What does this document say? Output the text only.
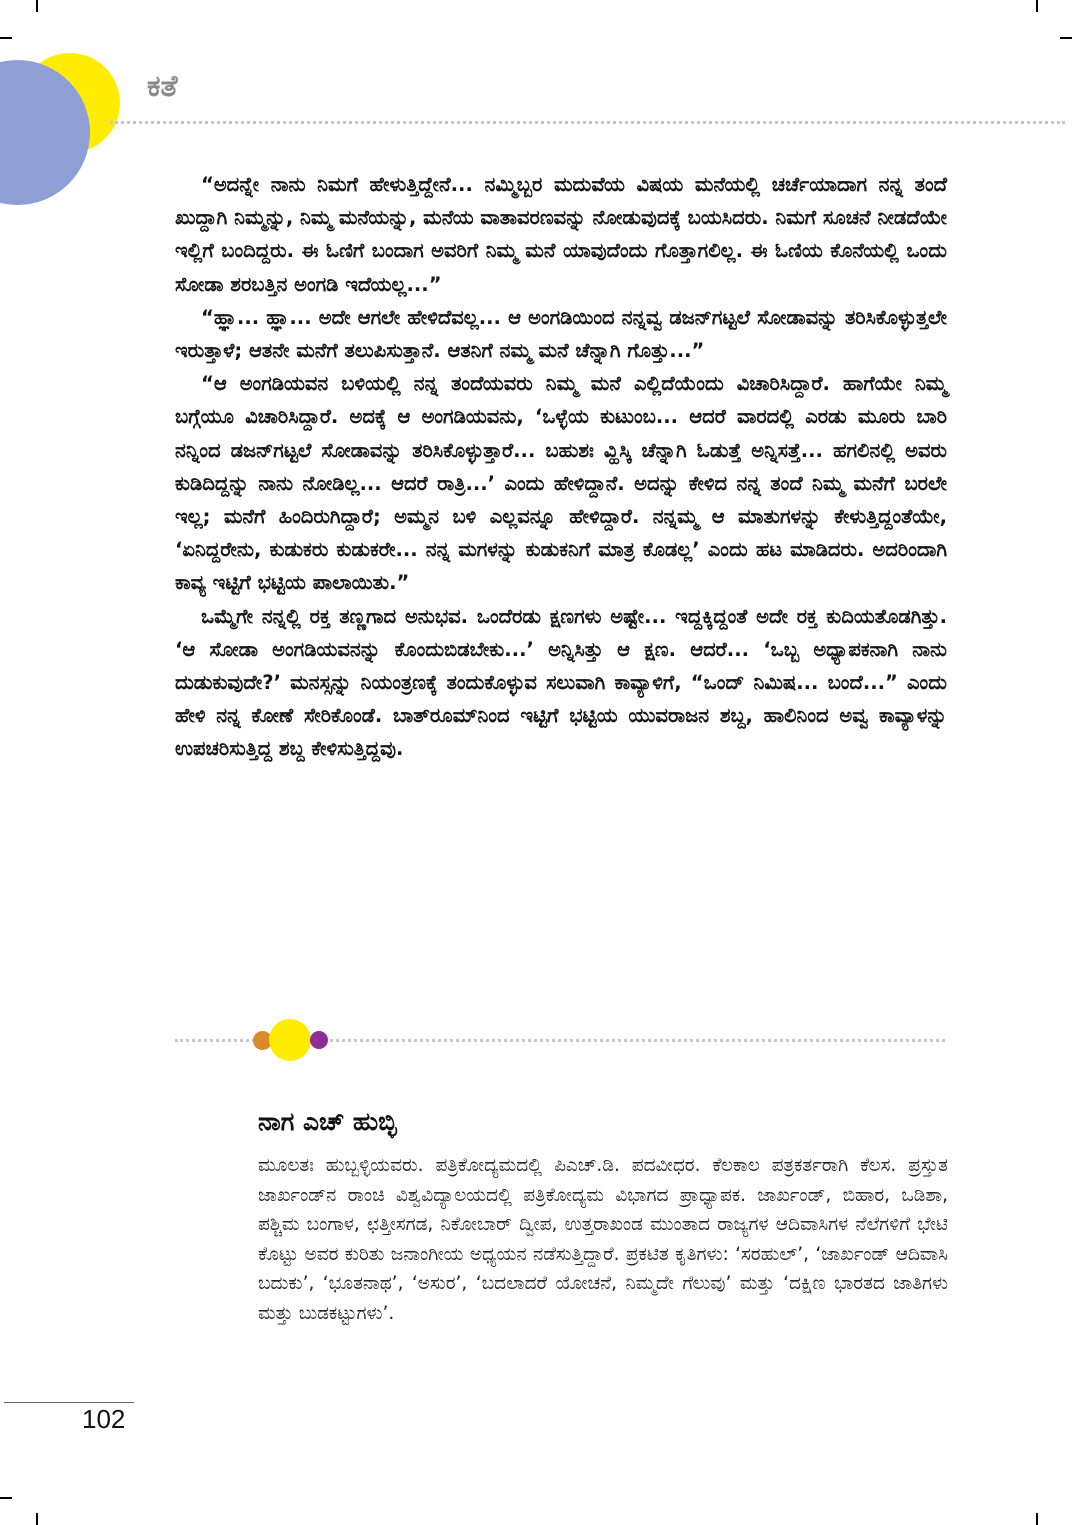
ಕತೆ

“ಅದನ್ನೇ ನಾನು ನಿಮಗೆ ಹೇಳುತ್ತಿದ್ದೇನೆ... ನಮ್ಮಿಬ್ಬರ ಮದುವೆಯ ವಿಷಯ ಮನೆಯಲ್ಲಿ ಚರ್ಚೆಯಾದಾಗ ನನ್ನ ತಂದೆ ಖುದ್ದಾಗಿ ನಿಮ್ಮನ್ನು, ನಿಮ್ಮ ಮನೆಯನ್ನು, ಮನೆಯ ವಾತಾವರಣವನ್ನು ನೋಡುವುದಕ್ಕೆ ಬಯಸಿದರು. ನಿಮಗೆ ಸೂಚನೆ ನೀಡದೆಯೇ ಇಲ್ಲಿಗೆ ಬಂದಿದ್ದರು. ಈ ಓಣಿಗೆ ಬಂದಾಗ ಅವರಿಗೆ ನಿಮ್ಮ ಮನೆ ಯಾವುದೆಂದು ಗೊತ್ತಾಗಲಿಲ್ಲ. ಈ ಓಣಿಯ ಕೊನೆಯಲ್ಲಿ ಒಂದು ಸೋಡಾ ಶರಬತ್ತಿನ ಅಂಗಡಿ ಇದೆಯಲ್ಲ...”

“ಹ್ಞಾ... ಹ್ಞಾ... ಅದೇ ಆಗಲೇ ಹೇಳಿದೆವಲ್ಲ... ಆ ಅಂಗಡಿಯಿಂದ ನನ್ನವ್ವ ಡಜನ್‌ಗಟ್ಟಲೆ ಸೋಡಾವನ್ನು ತರಿಸಿಕೊಳ್ಳುತ್ತಲೇ ಇರುತ್ತಾಳೆ; ಆತನೇ ಮನೆಗೆ ತಲುಪಿಸುತ್ತಾನೆ. ಆತನಿಗೆ ನಮ್ಮ ಮನೆ ಚೆನ್ನಾಗಿ ಗೊತ್ತು...”

“ಆ ಅಂಗಡಿಯವನ ಬಳಿಯಲ್ಲಿ ನನ್ನ ತಂದೆಯವರು ನಿಮ್ಮ ಮನೆ ಎಲ್ಲಿದೆಯೆಂದು ವಿಚಾರಿಸಿದ್ದಾರೆ. ಹಾಗೆಯೇ ನಿಮ್ಮ ಬಗ್ಗೆಯೂ ವಿಚಾರಿಸಿದ್ದಾರೆ. ಅದಕ್ಕೆ ಆ ಅಂಗಡಿಯವನು, ‘ಒಳ್ಳೆಯ ಕುಟುಂಬ... ಆದರೆ ವಾರದಲ್ಲಿ ಎರಡು ಮೂರು ಬಾರಿ ನನ್ನಿಂದ ಡಜನ್‌ಗಟ್ಟಲೆ ಸೋಡಾವನ್ನು ತರಿಸಿಕೊಳ್ಳುತ್ತಾರೆ... ಬಹುಶಃ ವ್ಹಿಸ್ಕಿ ಚೆನ್ನಾಗಿ ಓಡುತ್ತೆ ಅನ್ನಿಸತ್ತೆ... ಹಗಲಿನಲ್ಲಿ ಅವರು ಕುಡಿದಿದ್ದನ್ನು ನಾನು ನೋಡಿಲ್ಲ... ಆದರೆ ರಾತ್ರಿ...’ ಎಂದು ಹೇಳಿದ್ದಾನೆ. ಅದನ್ನು ಕೇಳಿದ ನನ್ನ ತಂದೆ ನಿಮ್ಮ ಮನೆಗೆ ಬರಲೇ ಇಲ್ಲ; ಮನೆಗೆ ಹಿಂದಿರುಗಿದ್ದಾರೆ; ಅಮ್ಮನ ಬಳಿ ಎಲ್ಲವನ್ನೂ ಹೇಳಿದ್ದಾರೆ. ನನ್ನಮ್ಮ ಆ ಮಾತುಗಳನ್ನು ಕೇಳುತ್ತಿದ್ದಂತೆಯೇ, ‘ಏನಿದ್ದರೇನು, ಕುಡುಕರು ಕುಡುಕರೇ... ನನ್ನ ಮಗಳನ್ನು ಕುಡುಕನಿಗೆ ಮಾತ್ರ ಕೊಡಲ್ಲ’ ಎಂದು ಹಟ ಮಾಡಿದರು. ಅದರಿಂದಾಗಿ ಕಾವ್ಯ ಇಟ್ಟಿಗೆ ಭಟ್ಟಿಯ ಪಾಲಾಯಿತು.”

ಒಮ್ಮೆಗೇ ನನ್ನಲ್ಲಿ ರಕ್ತ ತಣ್ಣಗಾದ ಅನುಭವ. ಒಂದೆರಡು ಕ್ಷಣಗಳು ಅಷ್ಟೇ... ಇದ್ದಕ್ಕಿದ್ದಂತೆ ಅದೇ ರಕ್ತ ಕುದಿಯತೊಡಗಿತ್ತು. ‘ಆ ಸೋಡಾ ಅಂಗಡಿಯವನನ್ನು ಕೊಂದುಬಿಡಬೇಕು...’ ಅನ್ನಿಸಿತ್ತು ಆ ಕ್ಷಣ. ಆದರೆ... ‘ಒಬ್ಬ ಅಧ್ಯಾಪಕನಾಗಿ ನಾನು ದುಡುಕುವುದೇ?’ ಮನಸ್ಸನ್ನು ನಿಯಂತ್ರಣಕ್ಕೆ ತಂದುಕೊಳ್ಳುವ ಸಲುವಾಗಿ ಕಾವ್ಯಾಳಿಗೆ, “ಒಂದ್ ನಿಮಿಷ... ಬಂದೆ...” ಎಂದು ಹೇಳಿ ನನ್ನ ಕೋಣೆ ಸೇರಿಕೊಂಡೆ. ಬಾತ್‌ರೂಮ್‌ನಿಂದ ಇಟ್ಟಿಗೆ ಭಟ್ಟಿಯ ಯುವರಾಜನ ಶಬ್ದ, ಹಾಲಿನಿಂದ ಅವ್ವ ಕಾವ್ಯಾಳನ್ನು ಉಪಚರಿಸುತ್ತಿದ್ದ ಶಬ್ದ ಕೇಳಿಸುತ್ತಿದ್ದವು.

ನಾಗ ಎಚ್‌ ಹುಬ್ಳಿ
ಮೂಲತಃ ಹುಬ್ಬಳ್ಳಿಯವರು. ಪತ್ರಿಕೋದ್ಯಮದಲ್ಲಿ ಪಿಎಚ್.ಡಿ. ಪದವೀಧರ. ಕೆಲಕಾಲ ಪತ್ರಕರ್ತರಾಗಿ ಕೆಲಸ. ಪ್ರಸ್ತುತ ಜಾರ್ಖಂಡ್‌ನ ರಾಂಚಿ ವಿಶ್ವವಿದ್ಯಾಲಯದಲ್ಲಿ ಪತ್ರಿಕೋದ್ಯಮ ವಿಭಾಗದ ಪ್ರಾಧ್ಯಾಪಕ. ಜಾರ್ಖಂಡ್, ಬಿಹಾರ, ಒಡಿಶಾ, ಪಶ್ಚಿಮ ಬಂಗಾಳ, ಛತ್ತೀಸಗಡ, ನಿಕೋಬಾರ್ ದ್ವೀಪ, ಉತ್ತರಾಖಂಡ ಮುಂತಾದ ರಾಜ್ಯಗಳ ಆದಿವಾಸಿಗಳ ನೆಲೆಗಳಿಗೆ ಭೇಟಿ ಕೊಟ್ಟು ಅವರ ಕುರಿತು ಜನಾಂಗೀಯ ಅಧ್ಯಯನ ನಡೆಸುತ್ತಿದ್ದಾರೆ. ಪ್ರಕಟಿತ ಕೃತಿಗಳು: ‘ಸರಹುಲ್’, ‘ಜಾರ್ಖಂಡ್ ಆದಿವಾಸಿ ಬದುಕು’, ‘ಭೂತನಾಥ’, ‘ಅಸುರ’, ‘ಬದಲಾದರೆ ಯೋಚನೆ, ನಿಮ್ಮದೇ ಗೆಲುವು’ ಮತ್ತು ‘ದಕ್ಷಿಣ ಭಾರತದ ಜಾತಿಗಳು ಮತ್ತು ಬುಡಕಟ್ಟುಗಳು’.
102
